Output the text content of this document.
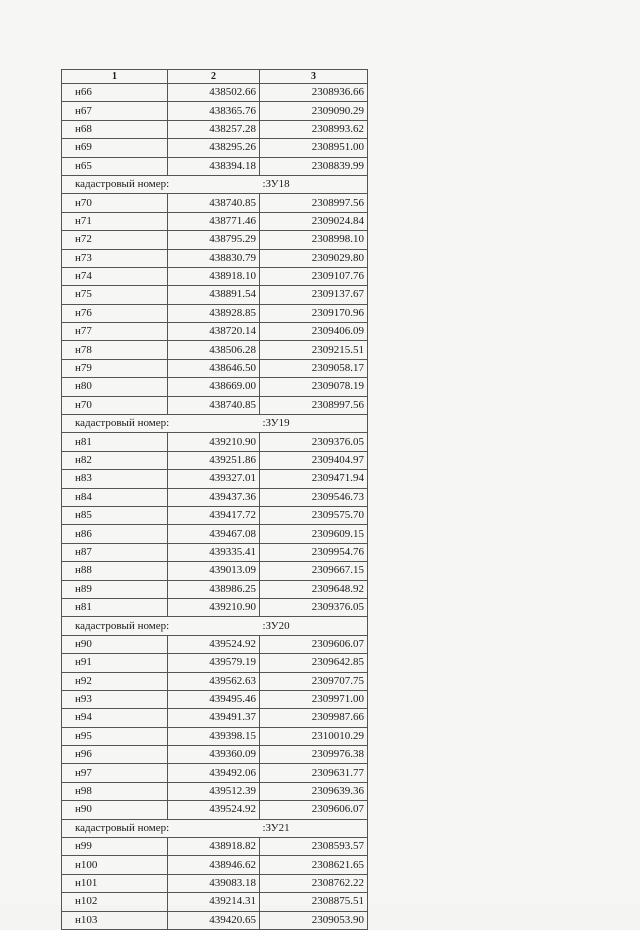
1	2	3
н66	438502.66	2308936.66
н67	438365.76	2309090.29
н68	438257.28	2308993.62
н69	438295.26	2308951.00
н65	438394.18	2308839.99
кадастровый номер:		:ЗУ18
н70	438740.85	2308997.56
н71	438771.46	2309024.84
н72	438795.29	2308998.10
н73	438830.79	2309029.80
н74	438918.10	2309107.76
н75	438891.54	2309137.67
н76	438928.85	2309170.96
н77	438720.14	2309406.09
н78	438506.28	2309215.51
н79	438646.50	2309058.17
н80	438669.00	2309078.19
н70	438740.85	2308997.56
кадастровый номер:		:ЗУ19
н81	439210.90	2309376.05
н82	439251.86	2309404.97
н83	439327.01	2309471.94
н84	439437.36	2309546.73
н85	439417.72	2309575.70
н86	439467.08	2309609.15
н87	439335.41	2309954.76
н88	439013.09	2309667.15
н89	438986.25	2309648.92
н81	439210.90	2309376.05
кадастровый номер:		:ЗУ20
н90	439524.92	2309606.07
н91	439579.19	2309642.85
н92	439562.63	2309707.75
н93	439495.46	2309971.00
н94	439491.37	2309987.66
н95	439398.15	2310010.29
н96	439360.09	2309976.38
н97	439492.06	2309631.77
н98	439512.39	2309639.36
н90	439524.92	2309606.07
кадастровый номер:		:ЗУ21
н99	438918.82	2308593.57
н100	438946.62	2308621.65
н101	439083.18	2308762.22
н102	439214.31	2308875.51
н103	439420.65	2309053.90
